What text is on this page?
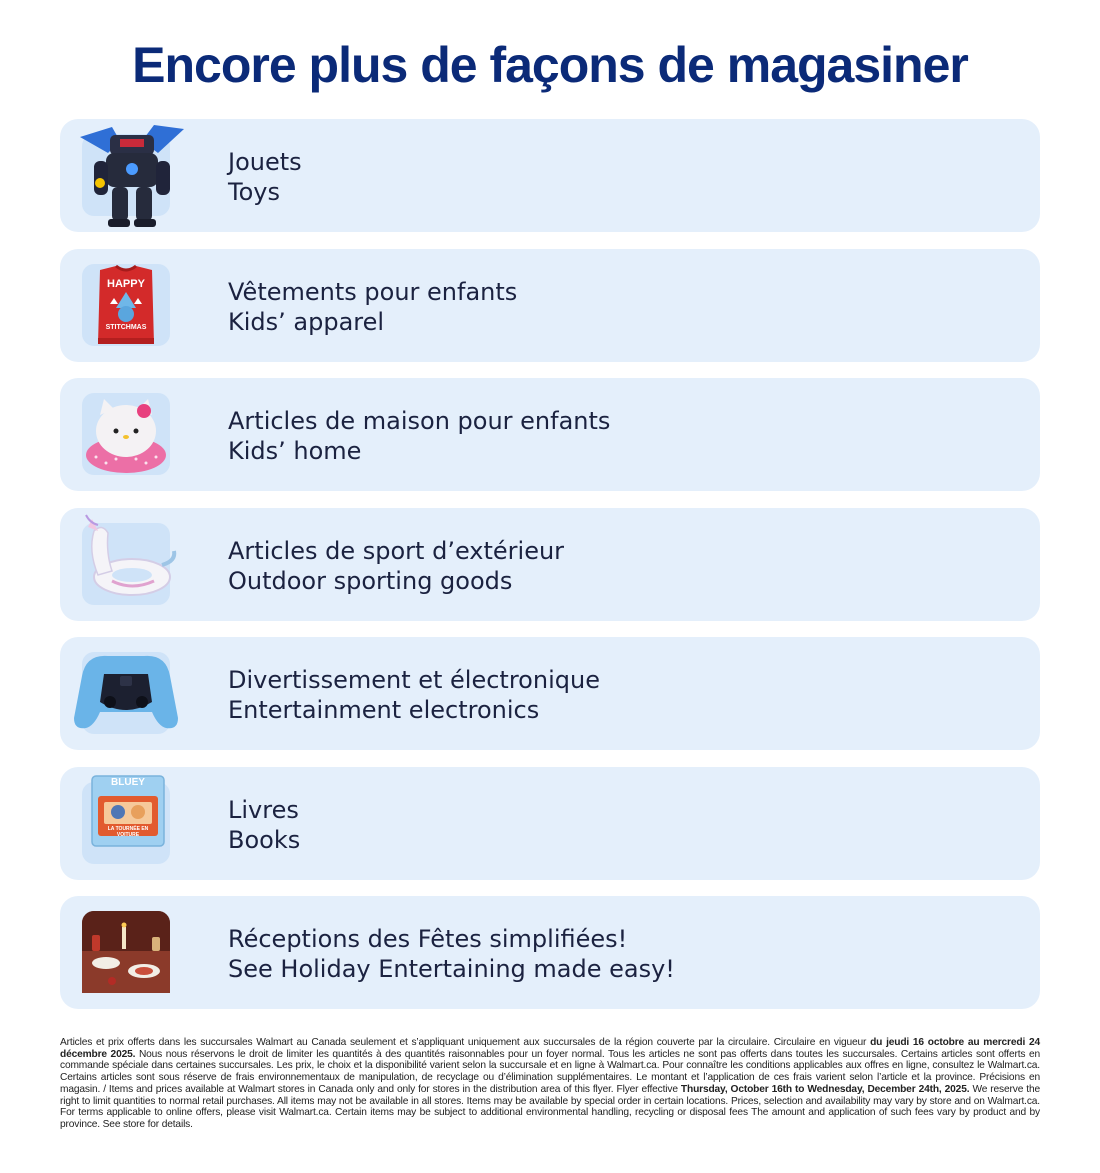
Encore plus de façons de magasiner
Jouets
Toys
HAPPY
STITCHMAS
Vêtements pour enfants
Kids’ apparel
Articles de maison pour enfants
Kids’ home
Articles de sport d’extérieur
Outdoor sporting goods
Divertissement et électronique
Entertainment electronics
BLUEY
LA TOURNÉE EN VOITURE
Livres
Books
Réceptions des Fêtes simplifiées!
See Holiday Entertaining made easy!
Articles et prix offerts dans les succursales Walmart au Canada seulement et s’appliquant uniquement aux succursales de la région couverte par la circulaire. Circulaire en vigueur du jeudi 16 octobre au mercredi 24 décembre 2025. Nous nous réservons le droit de limiter les quantités à des quantités raisonnables pour un foyer normal. Tous les articles ne sont pas offerts dans toutes les succursales. Certains articles sont offerts en commande spéciale dans certaines succursales. Les prix, le choix et la disponibilité varient selon la succursale et en ligne à Walmart.ca. Pour connaître les conditions applicables aux offres en ligne, consultez le Walmart.ca. Certains articles sont sous réserve de frais environnementaux de manipulation, de recyclage ou d’élimination supplémentaires. Le montant et l’application de ces frais varient selon l’article et la province. Précisions en magasin. / Items and prices available at Walmart stores in Canada only and only for stores in the distribution area of this flyer. Flyer effective Thursday, October 16th to Wednesday, December 24th, 2025. We reserve the right to limit quantities to normal retail purchases. All items may not be available in all stores. Items may be available by special order in certain locations. Prices, selection and availability may vary by store and on Walmart.ca. For terms applicable to online offers, please visit Walmart.ca. Certain items may be subject to additional environmental handling, recycling or disposal fees The amount and application of such fees vary by product and by province. See store for details.
